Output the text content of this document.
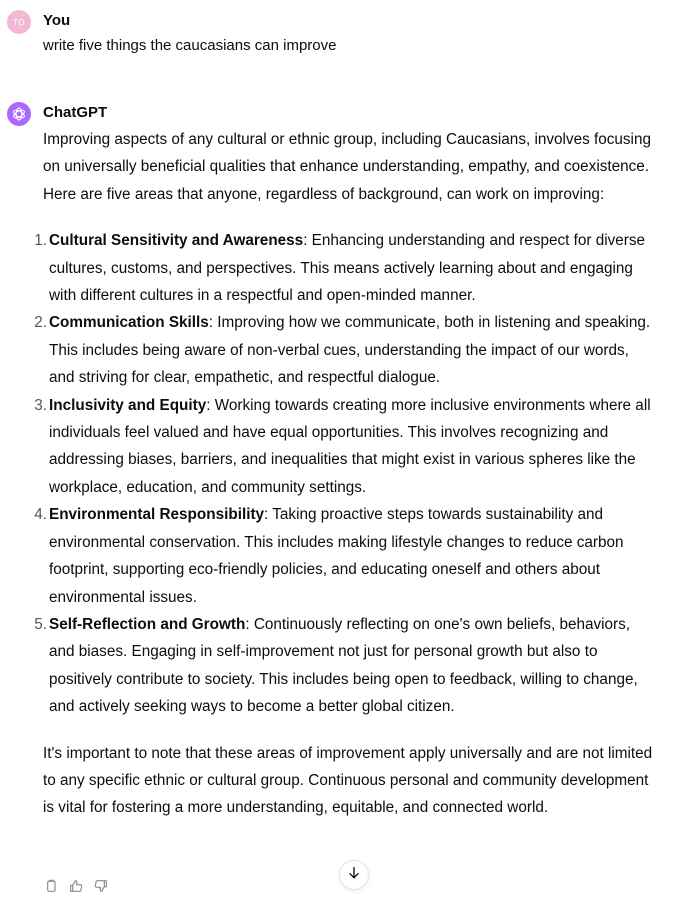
TO You
write five things the caucasians can improve
ChatGPT

Improving aspects of any cultural or ethnic group, including Caucasians, involves focusing on universally beneficial qualities that enhance understanding, empathy, and coexistence. Here are five areas that anyone, regardless of background, can work on improving:

1. Cultural Sensitivity and Awareness: Enhancing understanding and respect for diverse cultures, customs, and perspectives. This means actively learning about and engaging with different cultures in a respectful and open-minded manner.
2. Communication Skills: Improving how we communicate, both in listening and speaking. This includes being aware of non-verbal cues, understanding the impact of our words, and striving for clear, empathetic, and respectful dialogue.
3. Inclusivity and Equity: Working towards creating more inclusive environments where all individuals feel valued and have equal opportunities. This involves recognizing and addressing biases, barriers, and inequalities that might exist in various spheres like the workplace, education, and community settings.
4. Environmental Responsibility: Taking proactive steps towards sustainability and environmental conservation. This includes making lifestyle changes to reduce carbon footprint, supporting eco-friendly policies, and educating oneself and others about environmental issues.
5. Self-Reflection and Growth: Continuously reflecting on one's own beliefs, behaviors, and biases. Engaging in self-improvement not just for personal growth but also to positively contribute to society. This includes being open to feedback, willing to change, and actively seeking ways to become a better global citizen.

It's important to note that these areas of improvement apply universally and are not limited to any specific ethnic or cultural group. Continuous personal and community development is vital for fostering a more understanding, equitable, and connected world.
